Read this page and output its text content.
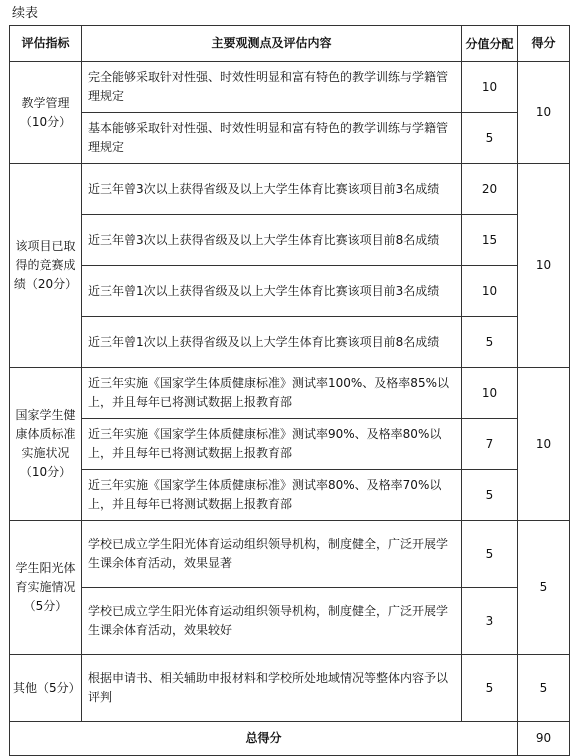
续表
评估指标	主要观测点及评估内容	分值分配	得分
教学管理（10分）	完全能够采取针对性强、时效性明显和富有特色的教学训练与学籍管理规定	10	10
	基本能够采取针对性强、时效性明显和富有特色的教学训练与学籍管理规定	5	
该项目已取得的竞赛成绩（20分）	近三年曾3次以上获得省级及以上大学生体育比赛该项目前3名成绩	20	10
	近三年曾3次以上获得省级及以上大学生体育比赛该项目前8名成绩	15	
	近三年曾1次以上获得省级及以上大学生体育比赛该项目前3名成绩	10	
	近三年曾1次以上获得省级及以上大学生体育比赛该项目前8名成绩	5	
国家学生健康体质标准实施状况（10分）	近三年实施《国家学生体质健康标准》测试率100%、及格率85%以上，并且每年已将测试数据上报教育部	10	10
	近三年实施《国家学生体质健康标准》测试率90%、及格率80%以上，并且每年已将测试数据上报教育部	7	
	近三年实施《国家学生体质健康标准》测试率80%、及格率70%以上，并且每年已将测试数据上报教育部	5	
学生阳光体育实施情况（5分）	学校已成立学生阳光体育运动组织领导机构，制度健全，广泛开展学生课余体育活动，效果显著	5	5
	学校已成立学生阳光体育运动组织领导机构，制度健全，广泛开展学生课余体育活动，效果较好	3	
其他（5分）	根据申请书、相关辅助申报材料和学校所处地域情况等整体内容予以评判	5	5
总得分			90
